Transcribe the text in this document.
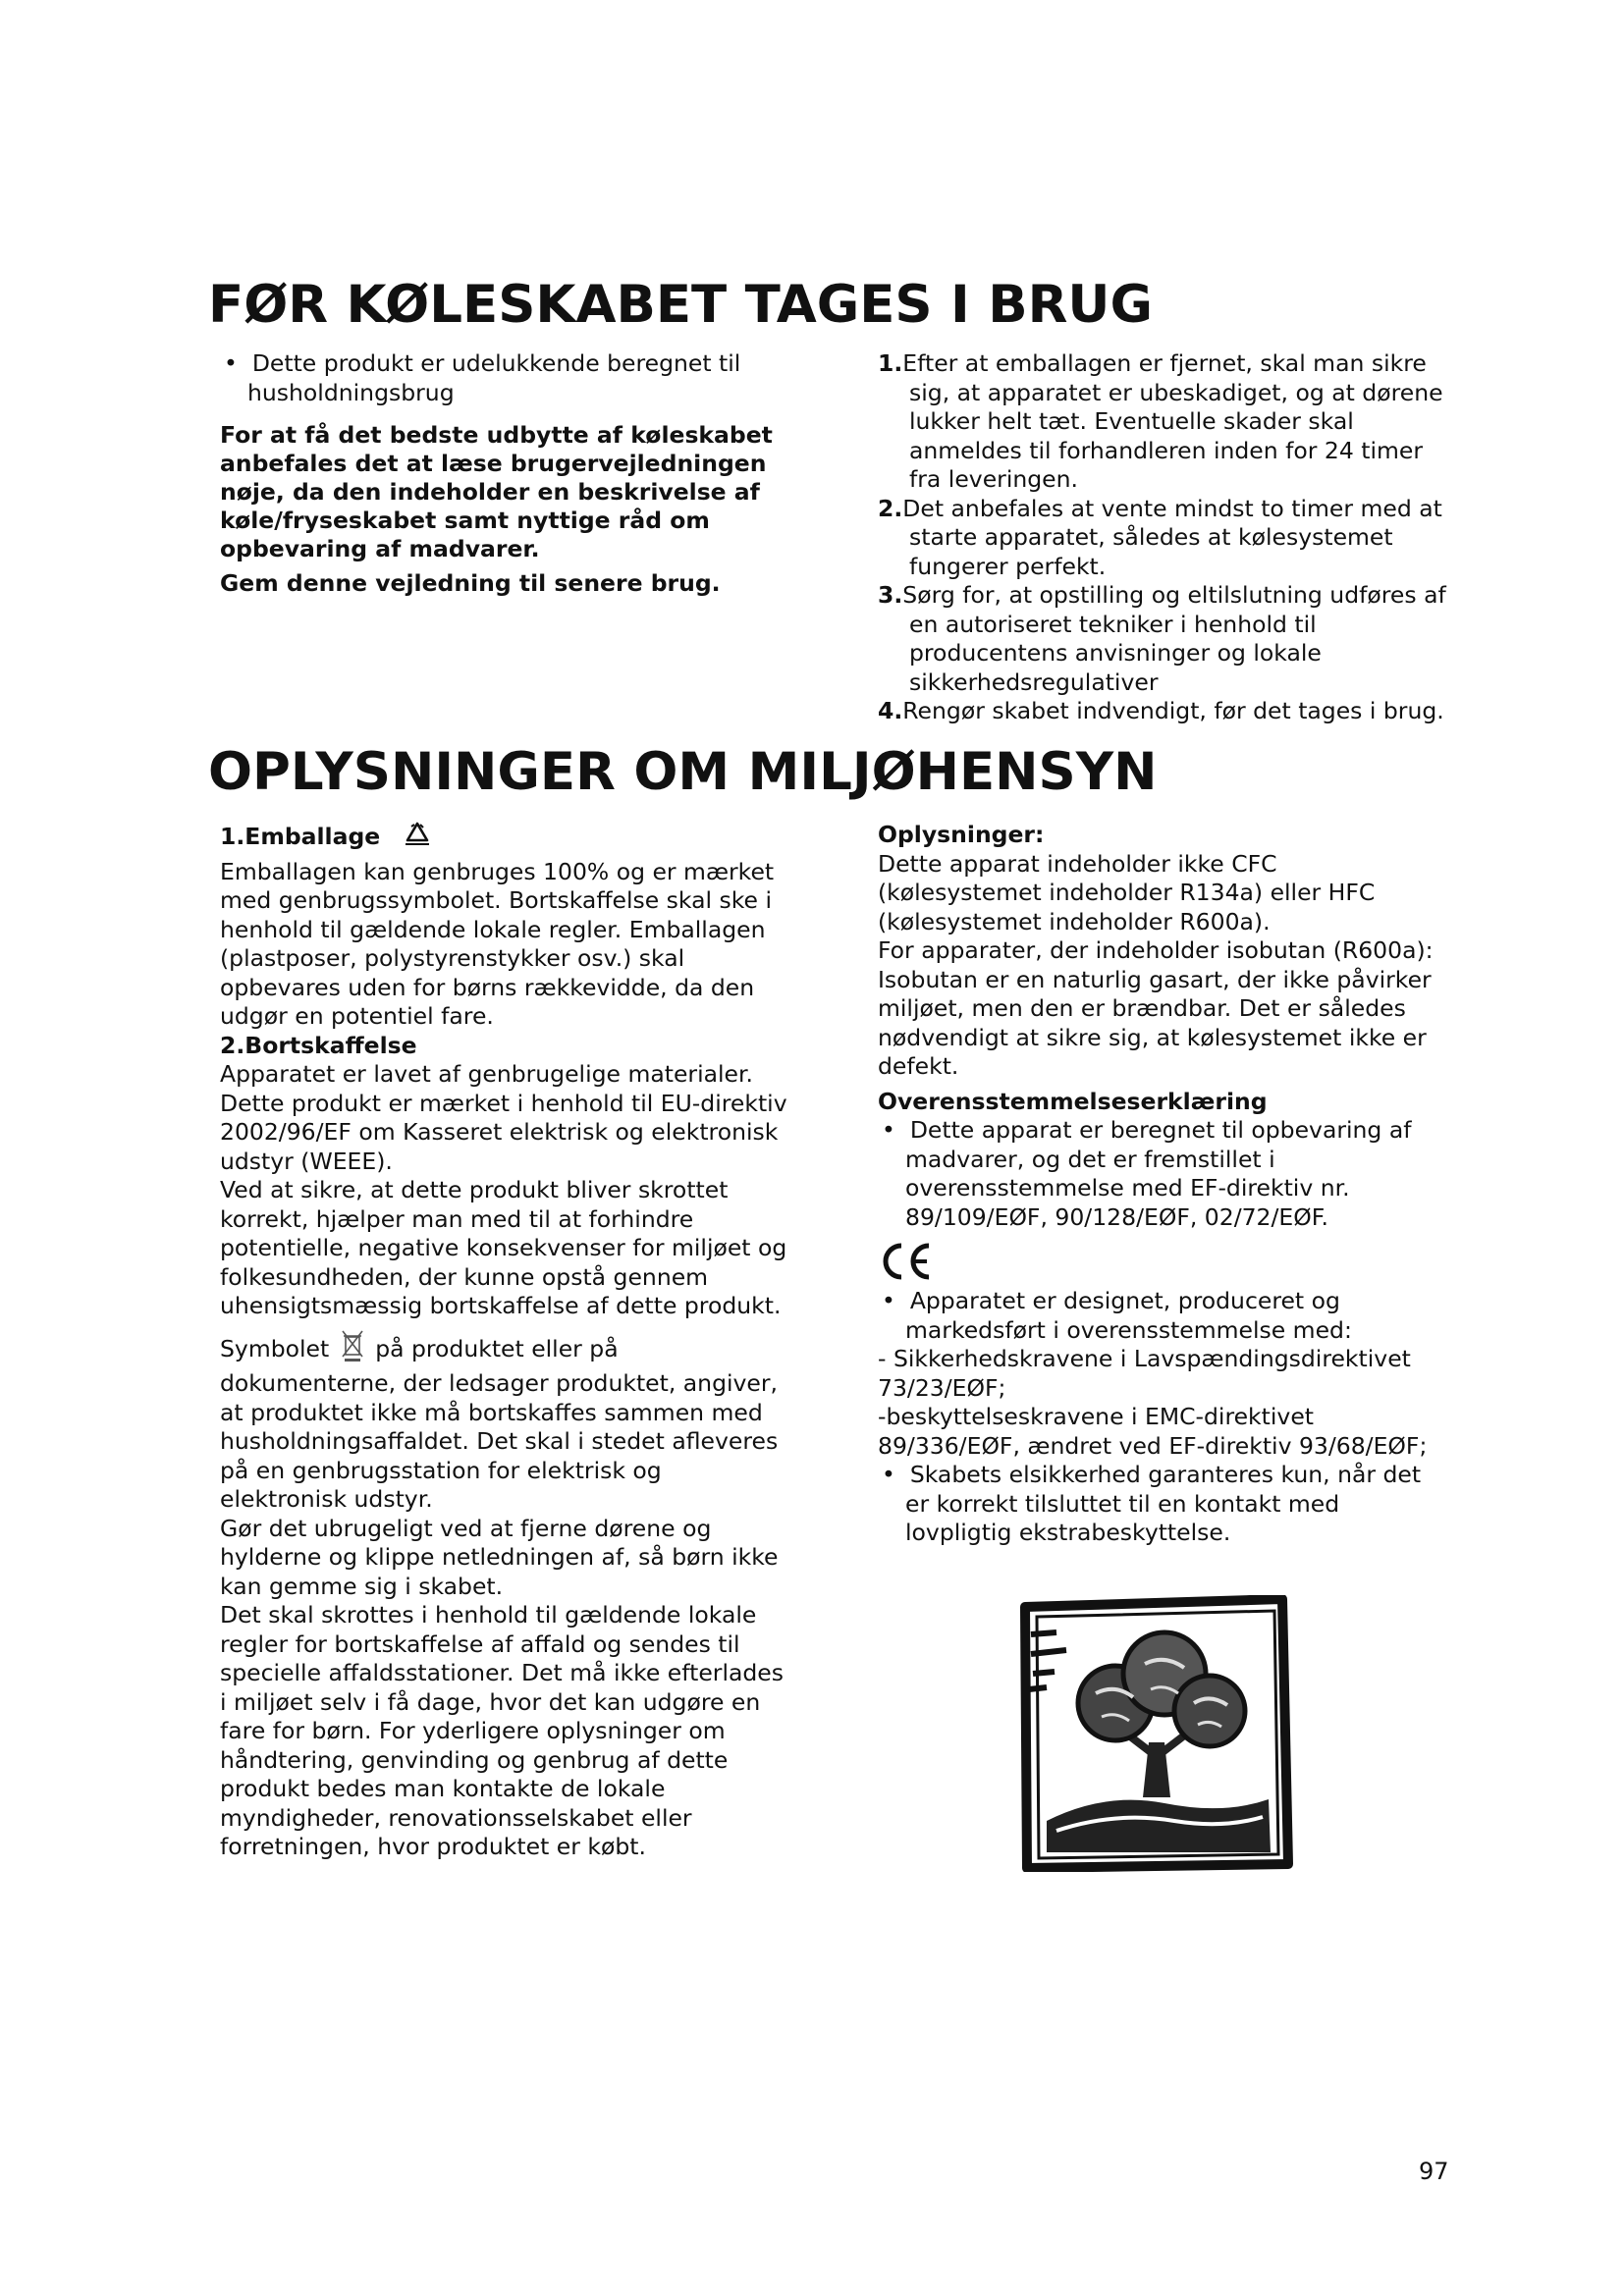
FØR KØLESKABET TAGES I BRUG

•  Dette produkt er udelukkende beregnet til husholdningsbrug

For at få det bedste udbytte af køleskabet anbefales det at læse brugervejledningen nøje, da den indeholder en beskrivelse af køle/fryseskabet samt nyttige råd om opbevaring af madvarer.

Gem denne vejledning til senere brug.

1.Efter at emballagen er fjernet, skal man sikre sig, at apparatet er ubeskadiget, og at dørene lukker helt tæt. Eventuelle skader skal anmeldes til forhandleren inden for 24 timer fra leveringen.

2.Det anbefales at vente mindst to timer med at starte apparatet, således at kølesystemet fungerer perfekt.

3.Sørg for, at opstilling og eltilslutning udføres af en autoriseret tekniker i henhold til producentens anvisninger og lokale sikkerhedsregulativer

4.Rengør skabet indvendigt, før det tages i brug.

OPLYSNINGER OM MILJØHENSYN

1.Emballage

Emballagen kan genbruges 100% og er mærket med genbrugssymbolet. Bortskaffelse skal ske i henhold til gældende lokale regler. Emballagen (plastposer, polystyrenstykker osv.) skal opbevares uden for børns rækkevidde, da den udgør en potentiel fare.

2.Bortskaffelse

Apparatet er lavet af genbrugelige materialer. Dette produkt er mærket i henhold til EU-direktiv 2002/96/EF om Kasseret elektrisk og elektronisk udstyr (WEEE).

Ved at sikre, at dette produkt bliver skrottet korrekt, hjælper man med til at forhindre potentielle, negative konsekvenser for miljøet og folkesundheden, der kunne opstå gennem uhensigtsmæssig bortskaffelse af dette produkt.

Symbolet på produktet eller på dokumenterne, der ledsager produktet, angiver, at produktet ikke må bortskaffes sammen med husholdningsaffaldet. Det skal i stedet afleveres på en genbrugsstation for elektrisk og elektronisk udstyr.

Gør det ubrugeligt ved at fjerne dørene og hylderne og klippe netledningen af, så børn ikke kan gemme sig i skabet.

Det skal skrottes i henhold til gældende lokale regler for bortskaffelse af affald og sendes til specielle affaldsstationer. Det må ikke efterlades i miljøet selv i få dage, hvor det kan udgøre en fare for børn. For yderligere oplysninger om håndtering, genvinding og genbrug af dette produkt bedes man kontakte de lokale myndigheder, renovationsselskabet eller forretningen, hvor produktet er købt.

Oplysninger:

Dette apparat indeholder ikke CFC (kølesystemet indeholder R134a) eller HFC (kølesystemet indeholder R600a).

For apparater, der indeholder isobutan (R600a): Isobutan er en naturlig gasart, der ikke påvirker miljøet, men den er brændbar. Det er således nødvendigt at sikre sig, at kølesystemet ikke er defekt.

Overensstemmelseserklæring

•  Dette apparat er beregnet til opbevaring af madvarer, og det er fremstillet i overensstemmelse med EF-direktiv nr. 89/109/EØF, 90/128/EØF, 02/72/EØF.

•  Apparatet er designet, produceret og markedsført i overensstemmelse med:

- Sikkerhedskravene i Lavspændingsdirektivet 73/23/EØF;

-beskyttelseskravene i EMC-direktivet 89/336/EØF, ændret ved EF-direktiv 93/68/EØF;

•  Skabets elsikkerhed garanteres kun, når det er korrekt tilsluttet til en kontakt med lovpligtig ekstrabeskyttelse.

97
